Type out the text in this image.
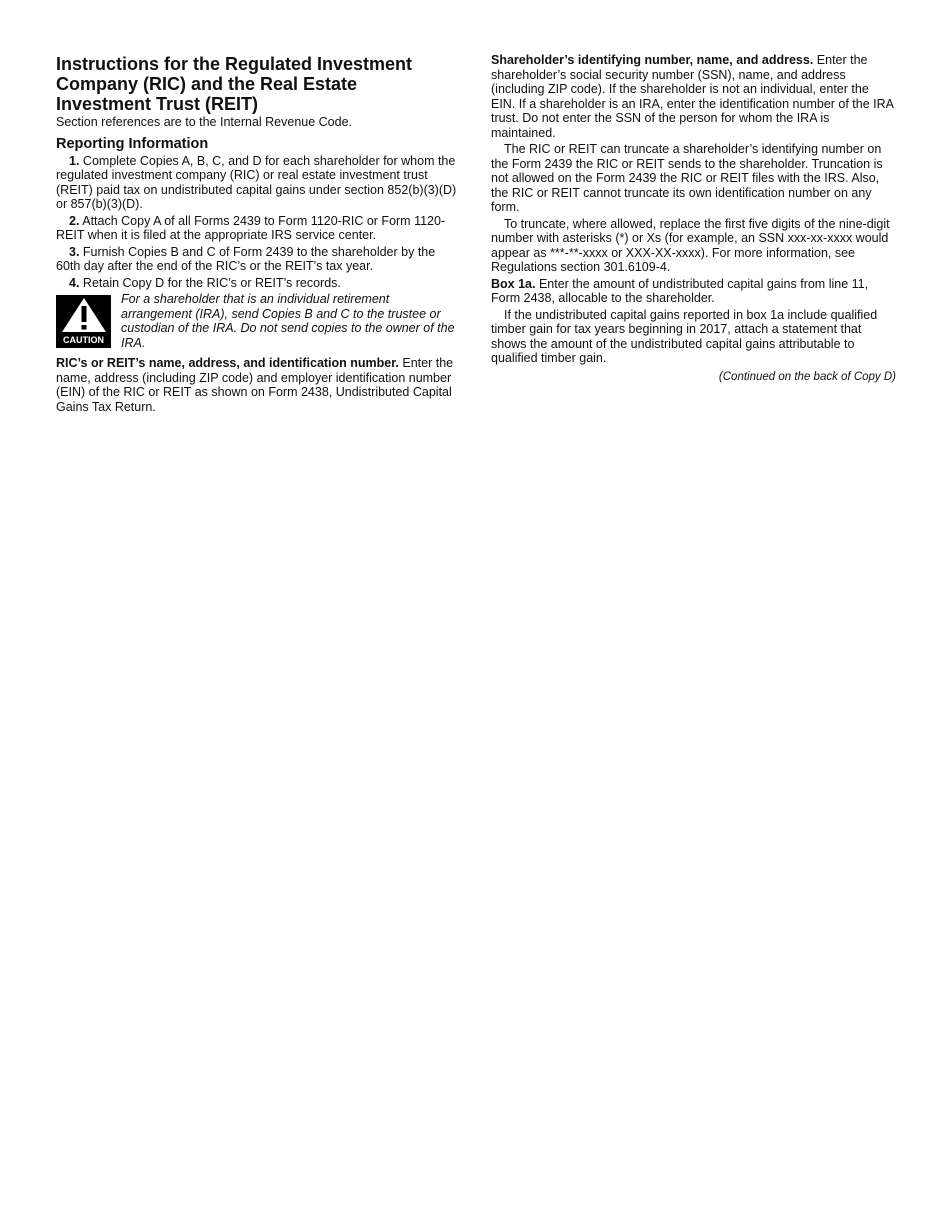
Instructions for the Regulated Investment Company (RIC) and the Real Estate Investment Trust (REIT)

Section references are to the Internal Revenue Code.

Reporting Information

1. Complete Copies A, B, C, and D for each shareholder for whom the regulated investment company (RIC) or real estate investment trust (REIT) paid tax on undistributed capital gains under section 852(b)(3)(D) or 857(b)(3)(D).

2. Attach Copy A of all Forms 2439 to Form 1120-RIC or Form 1120-REIT when it is filed at the appropriate IRS service center.

3. Furnish Copies B and C of Form 2439 to the shareholder by the 60th day after the end of the RIC’s or the REIT’s tax year.

4. Retain Copy D for the RIC’s or REIT’s records.

CAUTION
For a shareholder that is an individual retirement arrangement (IRA), send Copies B and C to the trustee or custodian of the IRA. Do not send copies to the owner of the IRA.

RIC’s or REIT’s name, address, and identification number. Enter the name, address (including ZIP code) and employer identification number (EIN) of the RIC or REIT as shown on Form 2438, Undistributed Capital Gains Tax Return.

Shareholder’s identifying number, name, and address. Enter the shareholder’s social security number (SSN), name, and address (including ZIP code). If the shareholder is not an individual, enter the EIN. If a shareholder is an IRA, enter the identification number of the IRA trust. Do not enter the SSN of the person for whom the IRA is maintained.

The RIC or REIT can truncate a shareholder’s identifying number on the Form 2439 the RIC or REIT sends to the shareholder. Truncation is not allowed on the Form 2439 the RIC or REIT files with the IRS. Also, the RIC or REIT cannot truncate its own identification number on any form.

To truncate, where allowed, replace the first five digits of the nine-digit number with asterisks (*) or Xs (for example, an SSN xxx-xx-xxxx would appear as ***-**-xxxx or XXX-XX-xxxx). For more information, see Regulations section 301.6109-4.

Box 1a. Enter the amount of undistributed capital gains from line 11, Form 2438, allocable to the shareholder.

If the undistributed capital gains reported in box 1a include qualified timber gain for tax years beginning in 2017, attach a statement that shows the amount of the undistributed capital gains attributable to qualified timber gain.

(Continued on the back of Copy D)
